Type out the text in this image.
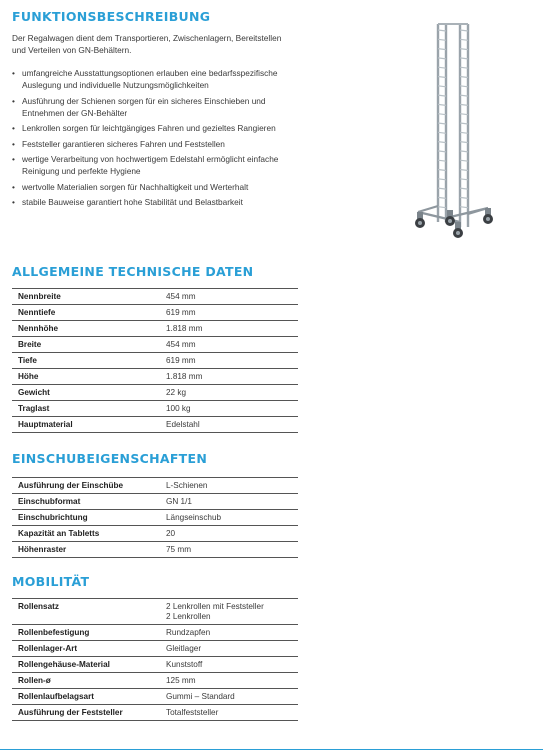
FUNKTIONSBESCHREIBUNG
Der Regalwagen dient dem Transportieren, Zwischenlagern, Bereitstellen und Verteilen von GN-Behältern.
• umfangreiche Ausstattungsoptionen erlauben eine bedarfsspezifische Auslegung und individuelle Nutzungsmöglichkeiten
• Ausführung der Schienen sorgen für ein sicheres Einschieben und Entnehmen der GN-Behälter
• Lenkrollen sorgen für leichtgängiges Fahren und gezieltes Rangieren
• Feststeller garantieren sicheres Fahren und Feststellen
• wertige Verarbeitung von hochwertigem Edelstahl ermöglicht einfache Reinigung und perfekte Hygiene
• wertvolle Materialien sorgen für Nachhaltigkeit und Werterhalt
• stabile Bauweise garantiert hohe Stabilität und Belastbarkeit
ALLGEMEINE TECHNISCHE DATEN
Nennbreite	454 mm
Nenntiefe	619 mm
Nennhöhe	1.818 mm
Breite	454 mm
Tiefe	619 mm
Höhe	1.818 mm
Gewicht	22 kg
Traglast	100 kg
Hauptmaterial	Edelstahl
EINSCHUBEIGENSCHAFTEN
Ausführung der Einschübe	L-Schienen
Einschubformat	GN 1/1
Einschubrichtung	Längseinschub
Kapazität an Tabletts	20
Höhenraster	75 mm
MOBILITÄT
Rollensatz	2 Lenkrollen mit Feststeller
2 Lenkrollen
Rollenbefestigung	Rundzapfen
Rollenlager-Art	Gleitlager
Rollengehäuse-Material	Kunststoff
Rollen-ø	125 mm
Rollenlaufbelagsart	Gummi – Standard
Ausführung der Feststeller	Totalfeststeller
